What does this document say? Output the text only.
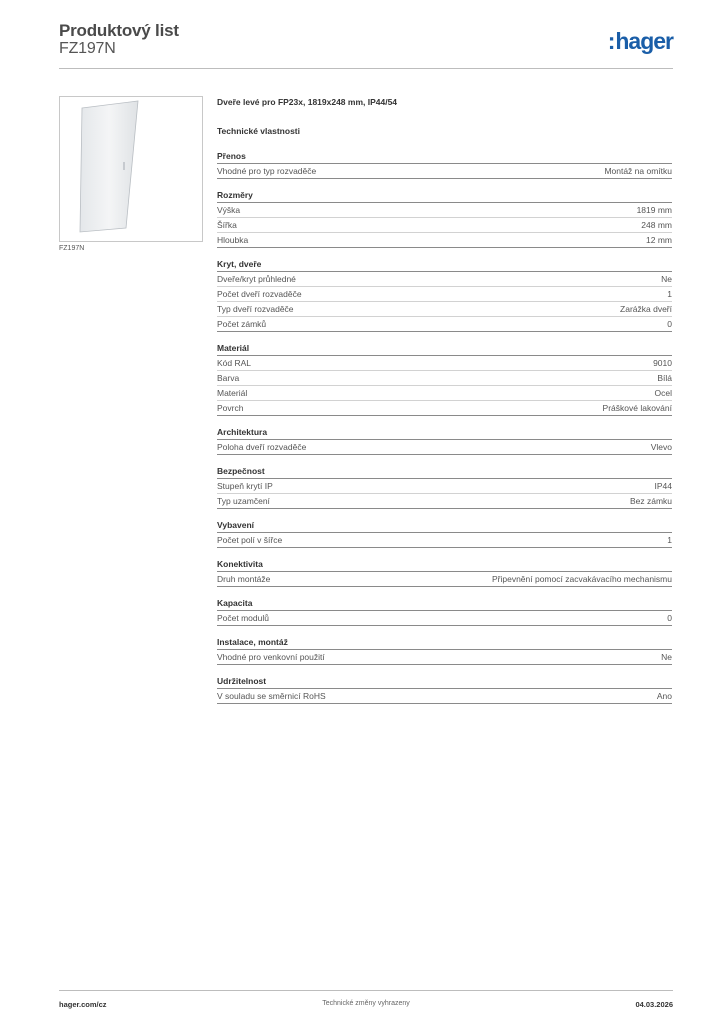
Produktový list
FZ197N	:hager
FZ197N
Dveře levé pro FP23x, 1819x248 mm, IP44/54
Technické vlastnosti
Přenos
Vhodné pro typ rozvaděče	Montáž na omítku
Rozměry
Výška	1819 mm
Šířka	248 mm
Hloubka	12 mm
Kryt, dveře
Dveře/kryt průhledné	Ne
Počet dveří rozvaděče	1
Typ dveří rozvaděče	Zarážka dveří
Počet zámků	0
Materiál
Kód RAL	9010
Barva	Bílá
Materiál	Ocel
Povrch	Práškové lakování
Architektura
Poloha dveří rozvaděče	Vlevo
Bezpečnost
Stupeň krytí IP	IP44
Typ uzamčení	Bez zámku
Vybavení
Počet polí v šířce	1
Konektivita
Druh montáže	Připevnění pomocí zacvakávacího mechanismu
Kapacita
Počet modulů	0
Instalace, montáž
Vhodné pro venkovní použití	Ne
Udržitelnost
V souladu se směrnicí RoHS	Ano
hager.com/cz	Technické změny vyhrazeny	04.03.2026
